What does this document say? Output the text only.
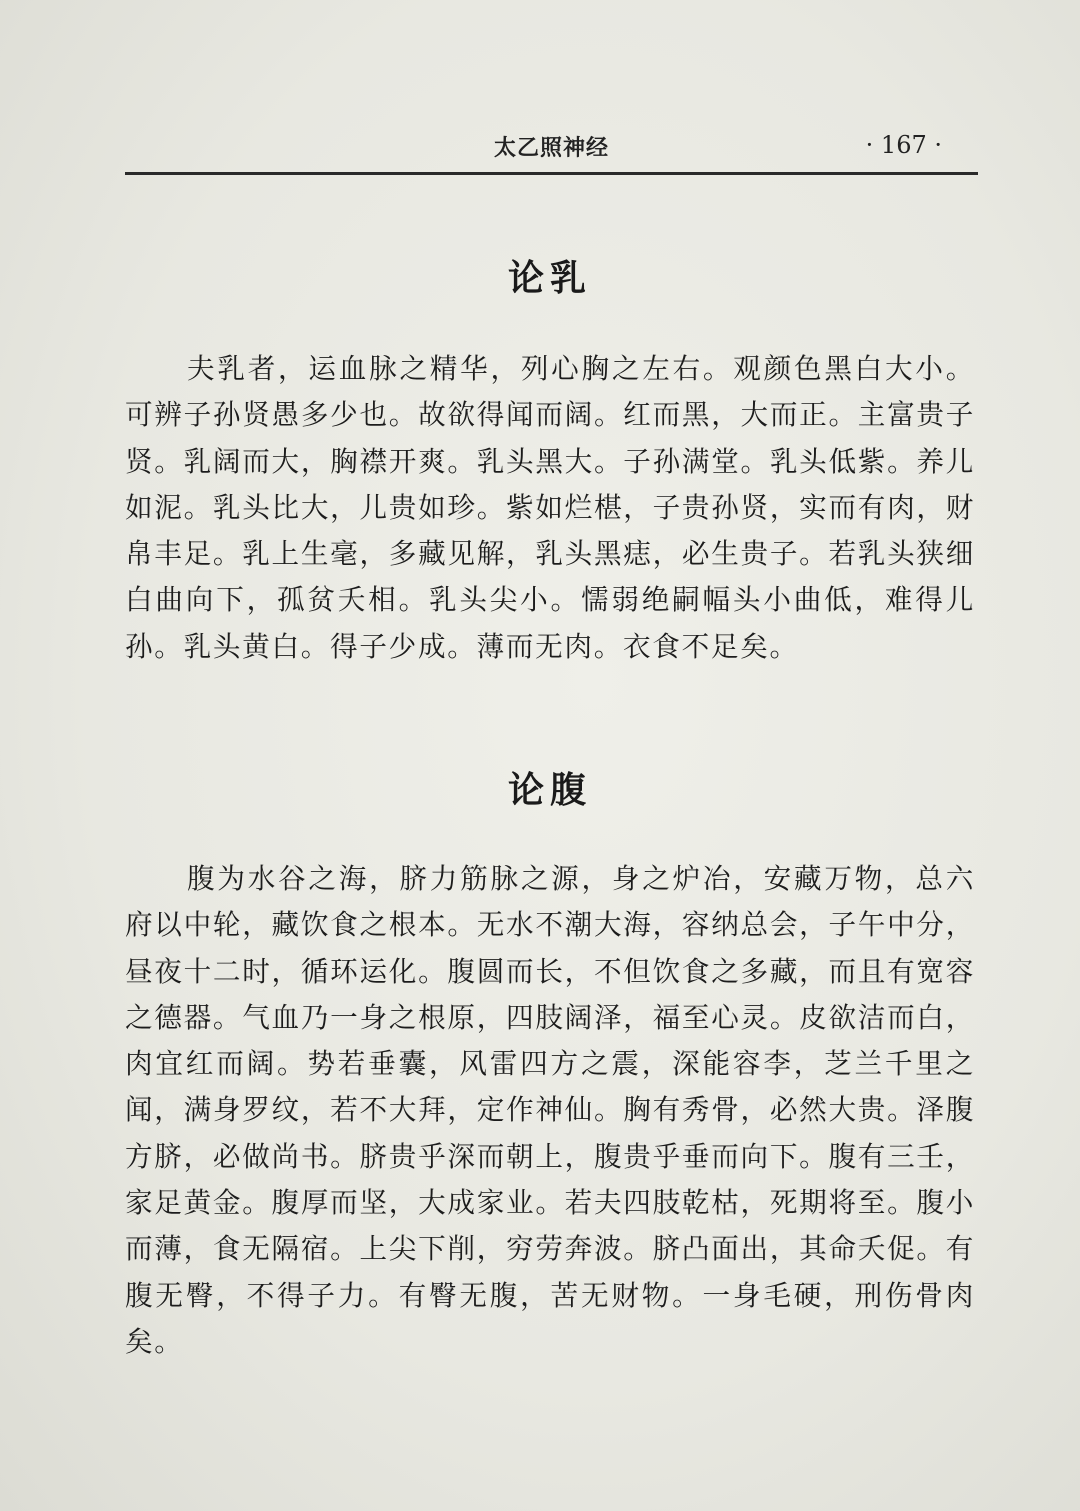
太乙照神经	· 167 ·
论乳

夫乳者，运血脉之精华，列心胸之左右。观颜色黑白大小。可辨子孙贤愚多少也。故欲得闻而阔。红而黑，大而正。主富贵子贤。乳阔而大，胸襟开爽。乳头黑大。子孙满堂。乳头低紫。养儿如泥。乳头比大，儿贵如珍。紫如烂椹，子贵孙贤，实而有肉，财帛丰足。乳上生毫，多藏见解，乳头黑痣，必生贵子。若乳头狭细白曲向下，孤贫夭相。乳头尖小。懦弱绝嗣幅头小曲低，难得儿孙。乳头黄白。得子少成。薄而无肉。衣食不足矣。

论腹

腹为水谷之海，脐力筋脉之源，身之炉冶，安藏万物，总六府以中轮，藏饮食之根本。无水不潮大海，容纳总会，子午中分，昼夜十二时，循环运化。腹圆而长，不但饮食之多藏，而且有宽容之德器。气血乃一身之根原，四肢阔泽，福至心灵。皮欲洁而白，肉宜红而阔。势若垂囊，风雷四方之震，深能容李，芝兰千里之闻，满身罗纹，若不大拜，定作神仙。胸有秀骨，必然大贵。泽腹方脐，必做尚书。脐贵乎深而朝上，腹贵乎垂而向下。腹有三壬，家足黄金。腹厚而坚，大成家业。若夫四肢乾枯，死期将至。腹小而薄，食无隔宿。上尖下削，穷劳奔波。脐凸面出，其命夭促。有腹无臀，不得子力。有臀无腹，苦无财物。一身毛硬，刑伤骨肉矣。
